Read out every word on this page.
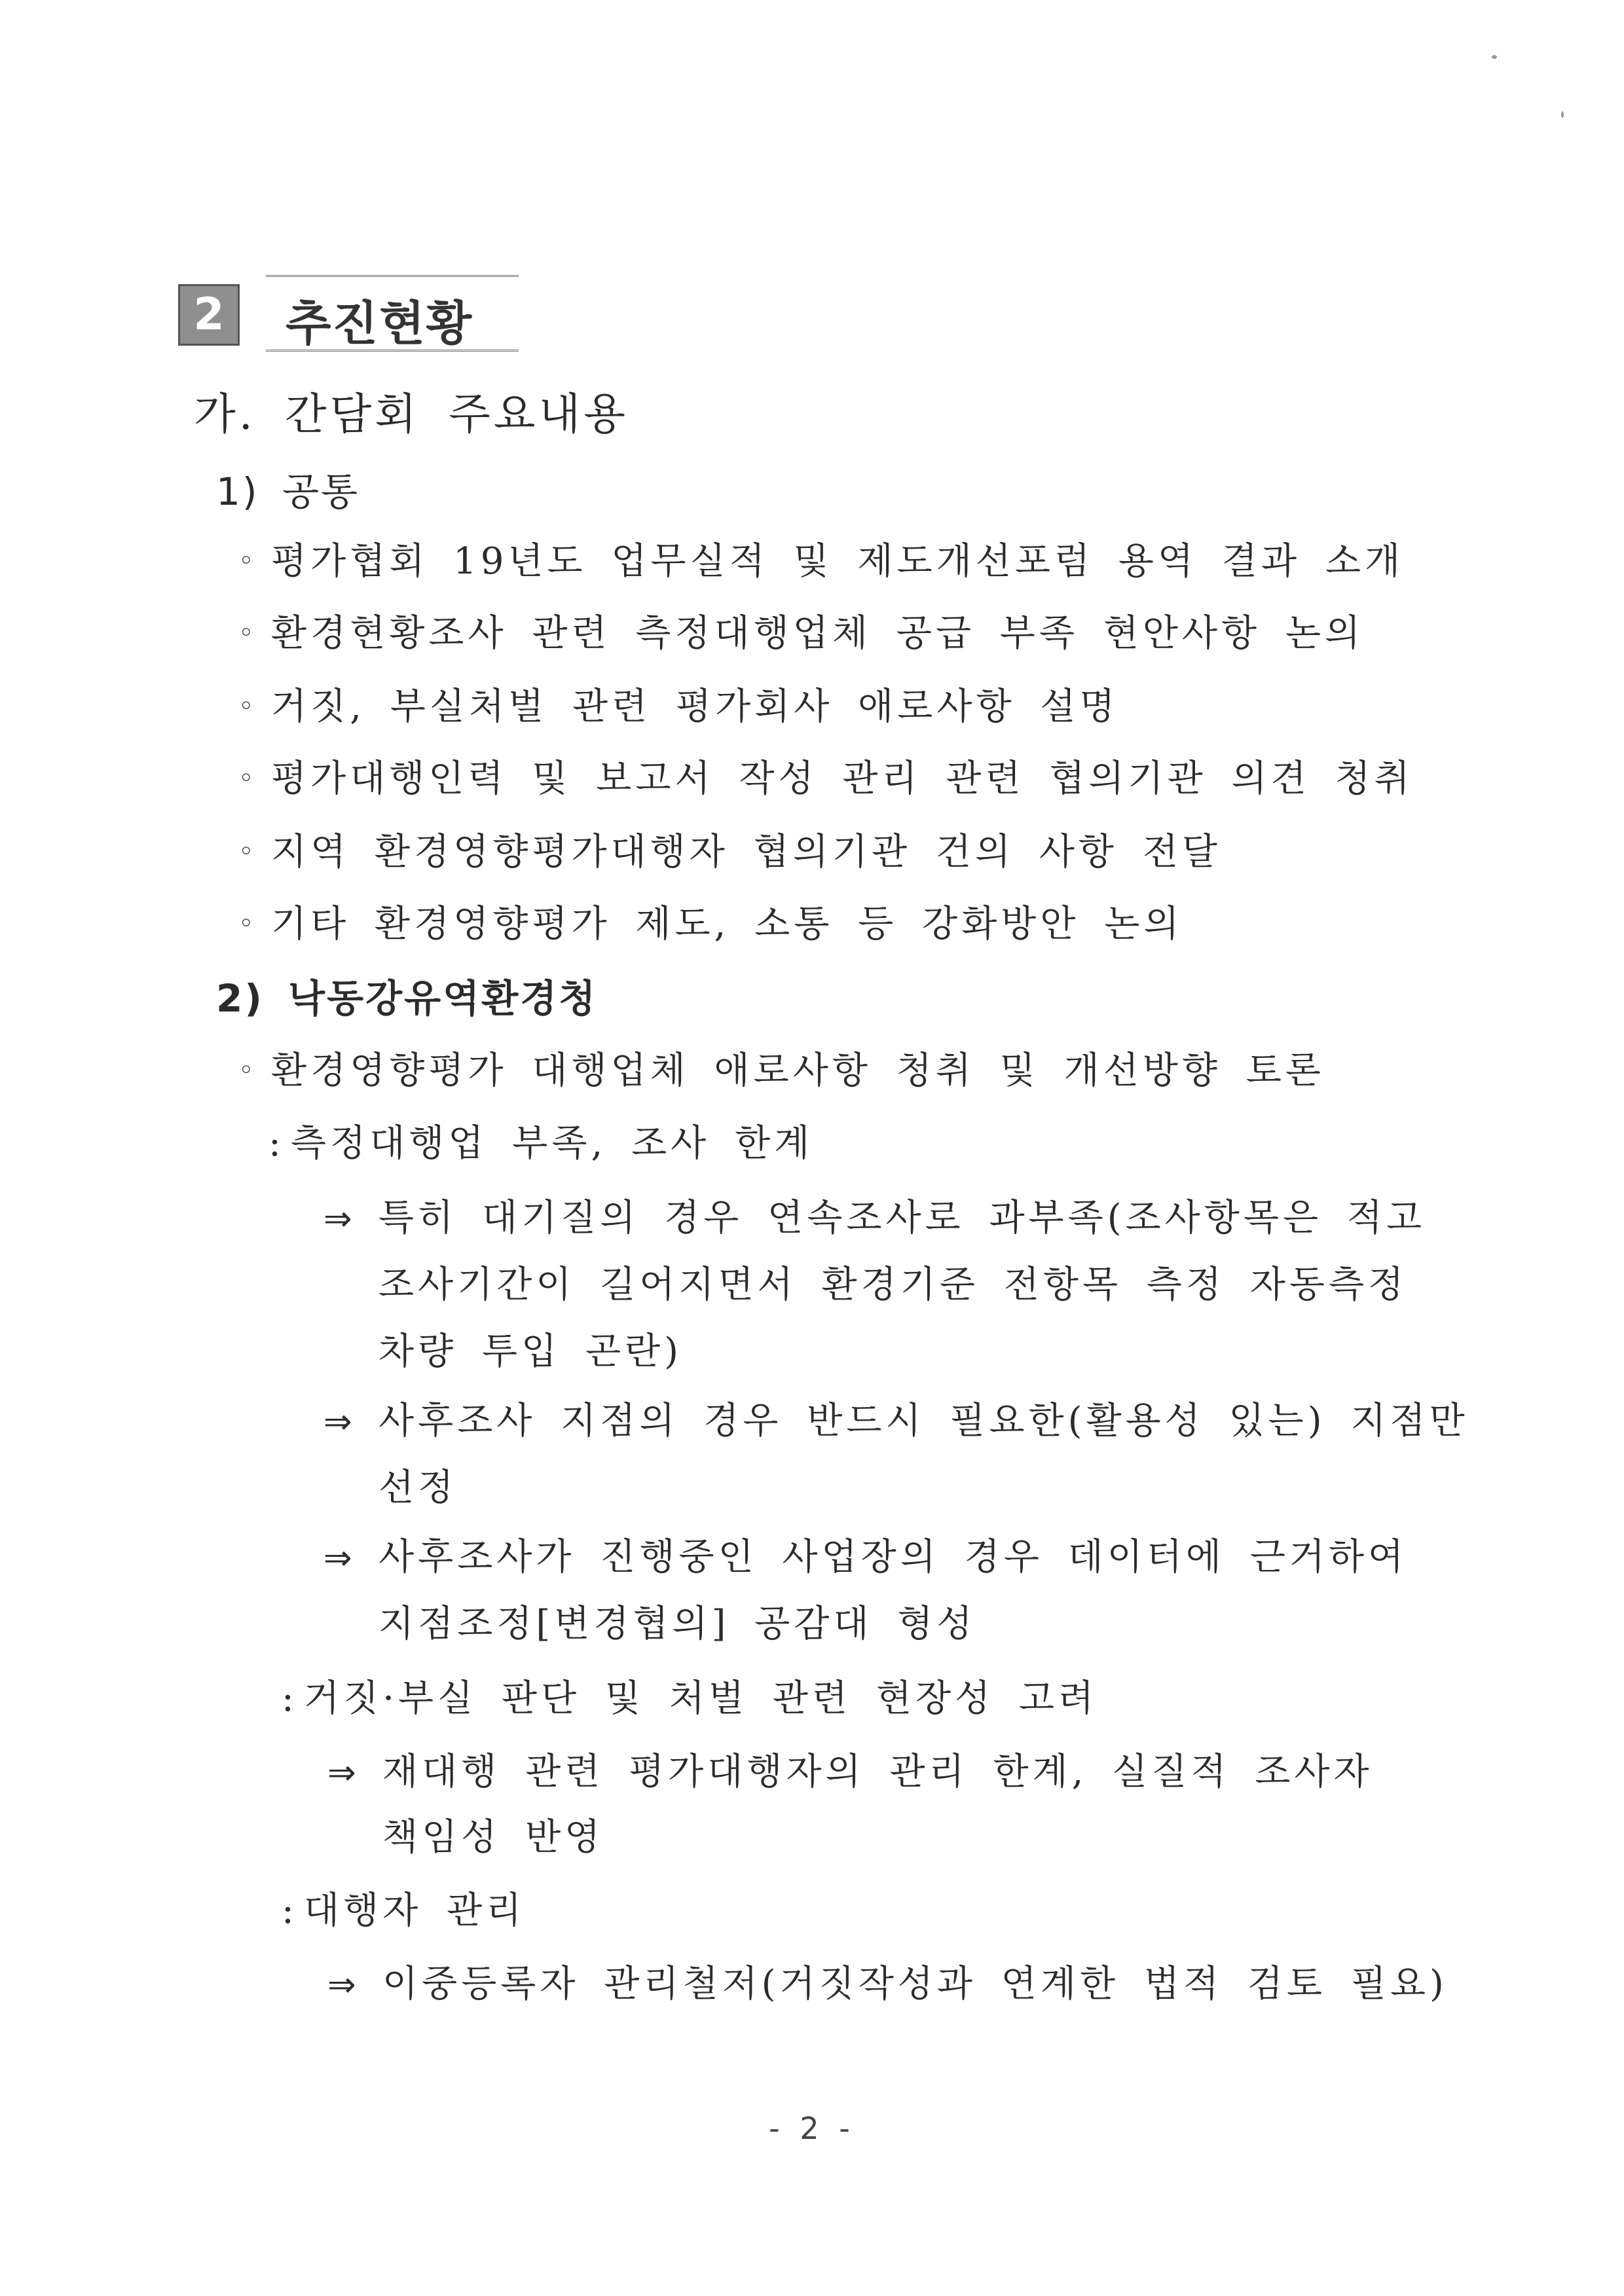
2	추진현황
가. 간담회 주요내용
1) 공통
◦ 평가협회 19년도 업무실적 및 제도개선포럼 용역 결과 소개
◦ 환경현황조사 관련 측정대행업체 공급 부족 현안사항 논의
◦ 거짓, 부실처벌 관련 평가회사 애로사항 설명
◦ 평가대행인력 및 보고서 작성 관리 관련 협의기관 의견 청취
◦ 지역 환경영향평가대행자 협의기관 건의 사항 전달
◦ 기타 환경영향평가 제도, 소통 등 강화방안 논의
2) 낙동강유역환경청
◦ 환경영향평가 대행업체 애로사항 청취 및 개선방향 토론
: 측정대행업 부족, 조사 한계
⇒ 특히 대기질의 경우 연속조사로 과부족(조사항목은 적고
조사기간이 길어지면서 환경기준 전항목 측정 자동측정
차량 투입 곤란)
⇒ 사후조사 지점의 경우 반드시 필요한(활용성 있는) 지점만
선정
⇒ 사후조사가 진행중인 사업장의 경우 데이터에 근거하여
지점조정[변경협의] 공감대 형성
: 거짓·부실 판단 및 처벌 관련 현장성 고려
⇒ 재대행 관련 평가대행자의 관리 한계, 실질적 조사자
책임성 반영
: 대행자 관리
⇒ 이중등록자 관리철저(거짓작성과 연계한 법적 검토 필요)
- 2 -
